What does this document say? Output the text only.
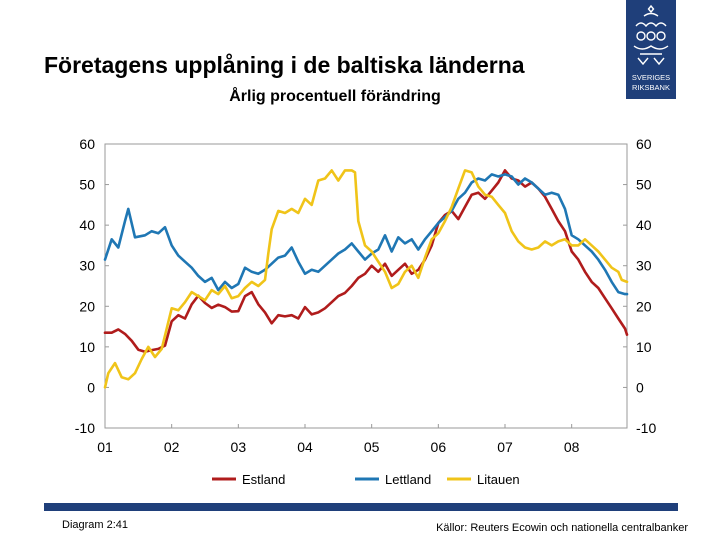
Företagens upplåning i de baltiska länderna
Årlig procentuell förändring
SVERIGES
RIKSBANK
-10
0
10
20
30
40
50
60
-10
0
10
20
30
40
50
60
01	02	03	04	05	06	07	08
Estland	Lettland	Litauen
Diagram 2:41	Källor: Reuters Ecowin och nationella centralbanker
